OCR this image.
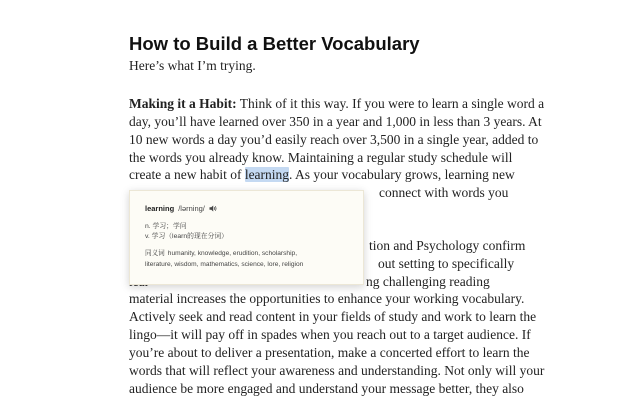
How to Build a Better Vocabulary

Here’s what I’m trying.

Making it a Habit: Think of it this way. If you were to learn a single word a
day, you’ll have learned over 350 in a year and 1,000 in less than 3 years. At
10 new words a day you’d easily reach over 3,500 in a single year, added to
the words you already know. Maintaining a regular study schedule will
create a new habit of learning. As your vocabulary grows, learning new
connect with words you

tion and Psychology confirm
out setting to specifically
ng challenging reading
material increases the opportunities to enhance your working vocabulary.
Actively seek and read content in your fields of study and work to learn the
lingo—it will pay off in spades when you reach out to a target audience. If
you’re about to deliver a presentation, make a concerted effort to learn the
words that will reflect your awareness and understanding. Not only will your
audience be more engaged and understand your message better, they also

learning /lərning/
n. 学习；学问
v. 学习（learn的现在分词）
同义词 humanity, knowledge, erudition, scholarship,
literature, wisdom, mathematics, science, lore, religion
